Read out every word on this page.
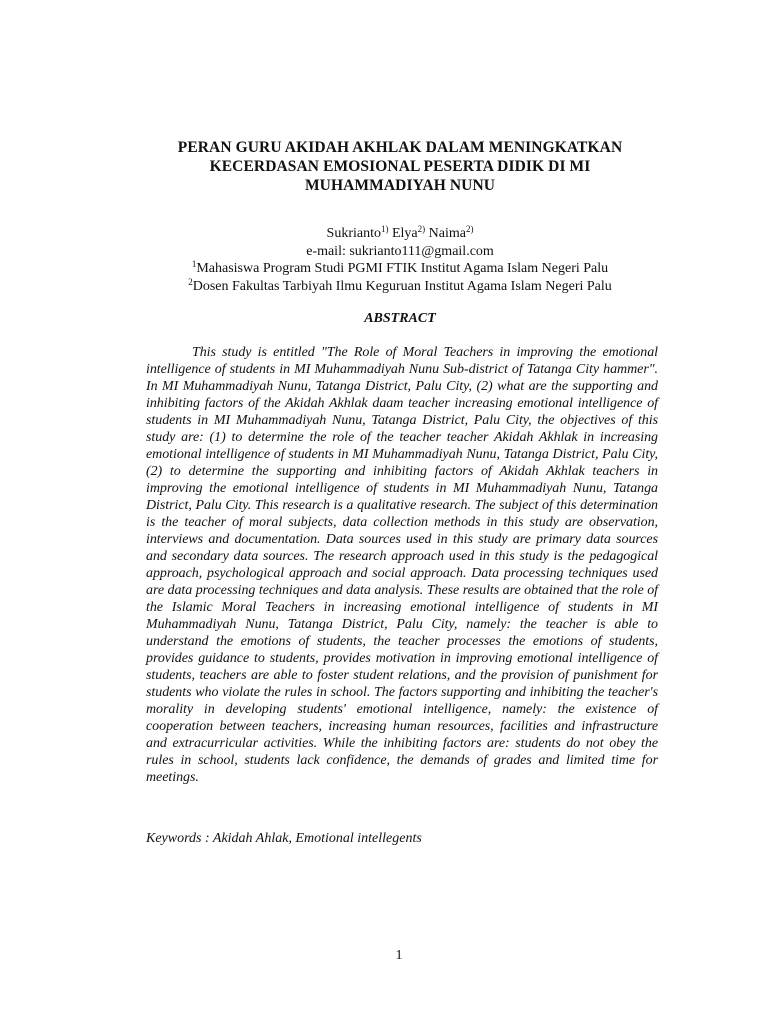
PERAN GURU AKIDAH AKHLAK DALAM MENINGKATKAN
KECERDASAN EMOSIONAL PESERTA DIDIK DI MI
MUHAMMADIYAH NUNU
Sukrianto$^{1)}$ Elya$^{2)}$ Naima$^{2)}$
e-mail: sukrianto111@gmail.com
$^1$Mahasiswa Program Studi PGMI FTIK Institut Agama Islam Negeri Palu
$^2$Dosen Fakultas Tarbiyah Ilmu Keguruan Institut Agama Islam Negeri Palu
ABSTRACT
This study is entitled "The Role of Moral Teachers in improving the emotional intelligence of students in MI Muhammadiyah Nunu Sub-district of Tatanga City hammer". In MI Muhammadiyah Nunu, Tatanga District, Palu City, (2) what are the supporting and inhibiting factors of the Akidah Akhlak daam teacher increasing emotional intelligence of students in MI Muhammadiyah Nunu, Tatanga District, Palu City, the objectives of this study are: (1) to determine the role of the teacher teacher Akidah Akhlak in increasing emotional intelligence of students in MI Muhammadiyah Nunu, Tatanga District, Palu City, (2) to determine the supporting and inhibiting factors of Akidah Akhlak teachers in improving the emotional intelligence of students in MI Muhammadiyah Nunu, Tatanga District, Palu City. This research is a qualitative research. The subject of this determination is the teacher of moral subjects, data collection methods in this study are observation, interviews and documentation. Data sources used in this study are primary data sources and secondary data sources. The research approach used in this study is the pedagogical approach, psychological approach and social approach. Data processing techniques used are data processing techniques and data analysis. These results are obtained that the role of the Islamic Moral Teachers in increasing emotional intelligence of students in MI Muhammadiyah Nunu, Tatanga District, Palu City, namely: the teacher is able to understand the emotions of students, the teacher processes the emotions of students, provides guidance to students, provides motivation in improving emotional intelligence of students, teachers are able to foster student relations, and the provision of punishment for students who violate the rules in school. The factors supporting and inhibiting the teacher's morality in developing students' emotional intelligence, namely: the existence of cooperation between teachers, increasing human resources, facilities and infrastructure and extracurricular activities. While the inhibiting factors are: students do not obey the rules in school, students lack confidence, the demands of grades and limited time for meetings.
Keywords : Akidah Ahlak, Emotional intellegents
1
